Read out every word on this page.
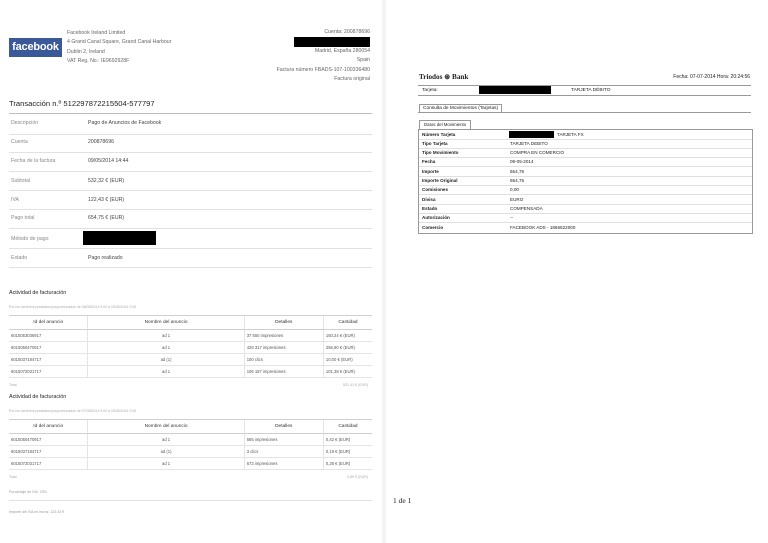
facebook
Facebook Ireland Limited
4 Grand Canal Square, Grand Canal Harbour
Dublin 2, Ireland
VAT Reg. No.: IE9692928F
Cuenta: 200878696
Madrid, España 280054
Spain
Factura número FBADS-107-100336480
Factura original
Transacción n.º 512297872215504-577797
Descripción	Pago de Anuncios de Facebook
Cuenta	200878696
Fecha de la factura	09/05/2014 14:44
Subtotal	532,32 € (EUR)
IVA	122,43 € (EUR)
Pago total	654,75 € (EUR)
Método de pago
Estado	Pago realizado
Actividad de facturación
Por los servicios prestados/proporcionados de 06/05/2014 0:00 a 09/05/2014 0:00
Id del anuncio	Nombre del anuncio	Detalles	Cantidad
6015053036917	ad 1	37 550 impresiones	150,24 € (EUR)
6015050470917	ad 1	428 317 impresiones	256,90 € (EUR)
6015037184717	ad (1)	100 clics	10,00 € (EUR)
6015072031717	ad 1	106 187 impresiones	101,38 € (EUR)
Total	531,41 € (EUR)
Actividad de facturación
Por los servicios prestados/proporcionados de 07/05/2014 0:00 a 09/05/2014 0:00
Id del anuncio	Nombre del anuncio	Detalles	Cantidad
6015050470917	ad 1	565 impresiones	0,42 € (EUR)
6015037184717	ad (1)	3 clics	0,19 € (EUR)
6015072031717	ad 1	673 impresiones	0,28 € (EUR)
Total	0,89 € (EUR)
Porcentaje de IVA: 23%
Importe del IVA en euros: 122,43 €
Triodos ⊛ Bank	Fecha: 07-07-2014 Hora: 20:24:56
Tarjeta:	TARJETA DÉBITO
Consulta de Movimientos (Tarjetas)
Datos del Movimiento
Número Tarjeta	TARJETA FX
Tipo Tarjeta	TARJETA DEBITO
Tipo Movimiento	COMPRA EN COMERCIO
Fecha	09-05-2014
Importe	654,75
Importe Original	654,75
Comisiones	0,00
Divisa	EURO
Estado	COMPENSADA
Autorización	--
Comercio	FACEBOOK ADS - 1866522000
1 de 1
